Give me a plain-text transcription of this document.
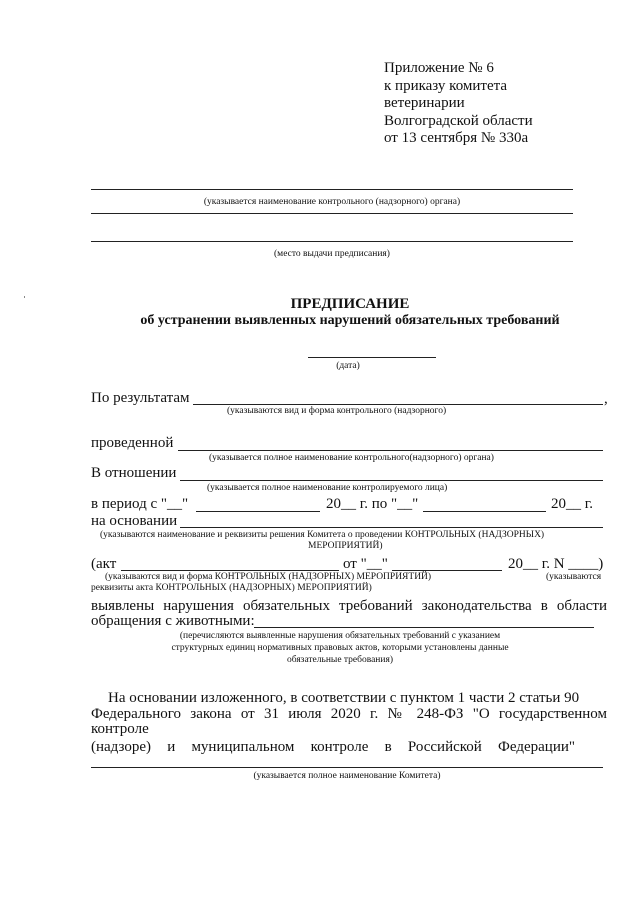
Приложение № 6
к приказу комитета
ветеринарии
Волгоградской области
от 13 сентября № 330а
(указывается наименование контрольного (надзорного) органа)
(место выдачи предписания)
ПРЕДПИСАНИЕ
об устранении выявленных нарушений обязательных требований
(дата)
По результатам	,
(указываются вид и форма контрольного (надзорного)
проведенной
(указывается полное наименование контрольного(надзорного) органа)
В отношении
(указывается полное наименование контролируемого лица)
в период с "__"	20__ г. по "__"	20__ г.
на основании
(указываются наименование и реквизиты решения Комитета о проведении КОНТРОЛЬНЫХ (НАДЗОРНЫХ)
МЕРОПРИЯТИЙ)
(акт	от "__"	20__ г. N ____)
(указываются вид и форма КОНТРОЛЬНЫХ (НАДЗОРНЫХ) МЕРОПРИЯТИЙ)	(указываются
реквизиты акта КОНТРОЛЬНЫХ (НАДЗОРНЫХ) МЕРОПРИЯТИЙ)
выявлены нарушения обязательных требований законодательства в области
обращения с животными:
(перечисляются выявленные нарушения обязательных требований с указанием
структурных единиц нормативных правовых актов, которыми установлены данные
обязательные требования)
На основании изложенного, в соответствии с пунктом 1 части 2 статьи 90
Федерального закона от 31 июля 2020 г. № 248-ФЗ "О государственном
контроле
(надзоре) и муниципальном контроле в Российской Федерации"
(указывается полное наименование Комитета)
